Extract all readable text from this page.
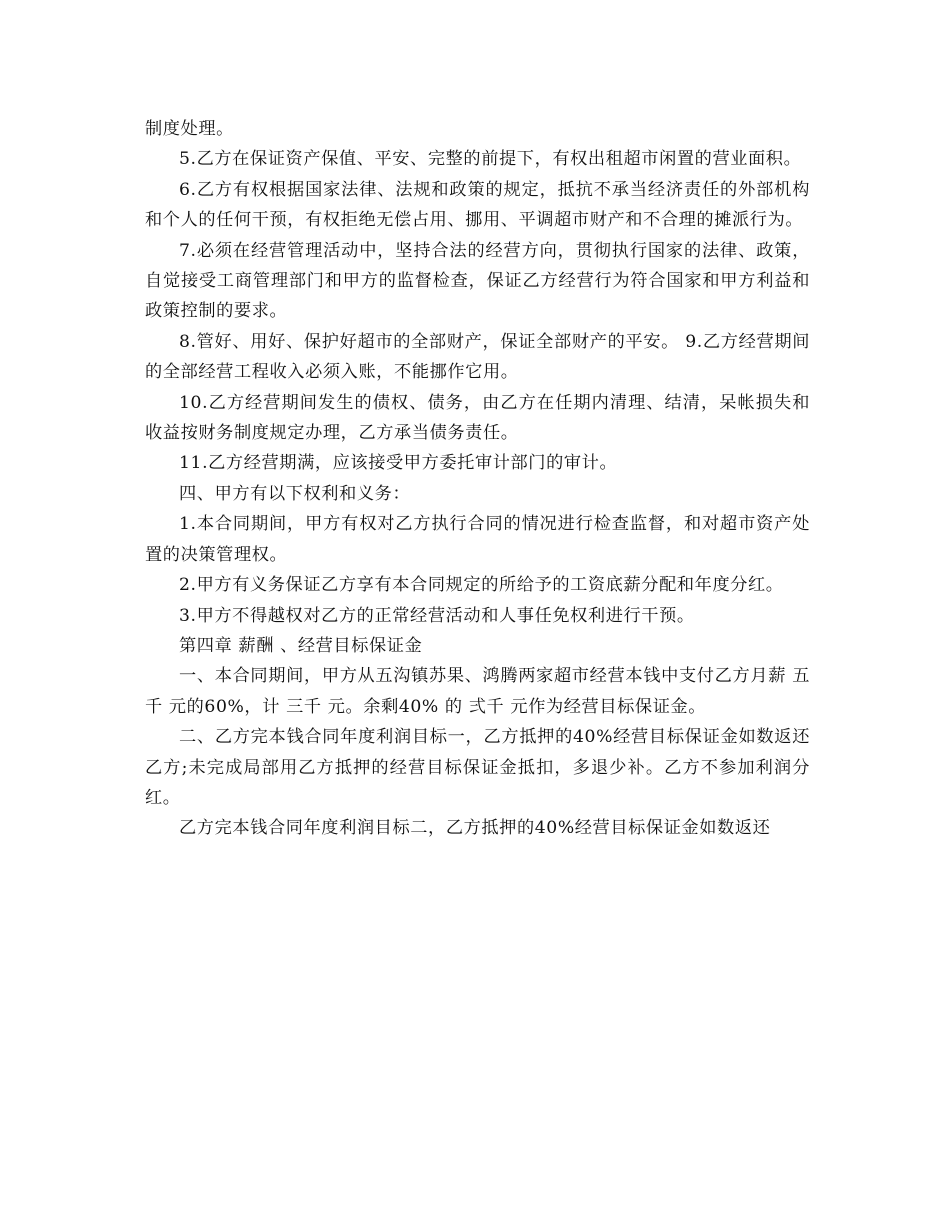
制度处理。

5.乙方在保证资产保值、平安、完整的前提下，有权出租超市闲置的营业面积。

6.乙方有权根据国家法律、法规和政策的规定，抵抗不承当经济责任的外部机构和个人的任何干预，有权拒绝无偿占用、挪用、平调超市财产和不合理的摊派行为。

7.必须在经营管理活动中，坚持合法的经营方向，贯彻执行国家的法律、政策，自觉接受工商管理部门和甲方的监督检查，保证乙方经营行为符合国家和甲方利益和政策控制的要求。

8.管好、用好、保护好超市的全部财产，保证全部财产的平安。 9.乙方经营期间的全部经营工程收入必须入账，不能挪作它用。

10.乙方经营期间发生的债权、债务，由乙方在任期内清理、结清，呆帐损失和收益按财务制度规定办理，乙方承当债务责任。

11.乙方经营期满，应该接受甲方委托审计部门的审计。

四、甲方有以下权利和义务：

1.本合同期间，甲方有权对乙方执行合同的情况进行检查监督，和对超市资产处置的决策管理权。

2.甲方有义务保证乙方享有本合同规定的所给予的工资底薪分配和年度分红。

3.甲方不得越权对乙方的正常经营活动和人事任免权利进行干预。

第四章 薪酬 、经营目标保证金

一、本合同期间，甲方从五沟镇苏果、鸿腾两家超市经营本钱中支付乙方月薪 五千 元的60%，计 三千 元。余剩40% 的 弍千 元作为经营目标保证金。

二、乙方完本钱合同年度利润目标一，乙方抵押的40%经营目标保证金如数返还乙方;未完成局部用乙方抵押的经营目标保证金抵扣，多退少补。乙方不参加利润分红。

乙方完本钱合同年度利润目标二，乙方抵押的40%经营目标保证金如数返还
